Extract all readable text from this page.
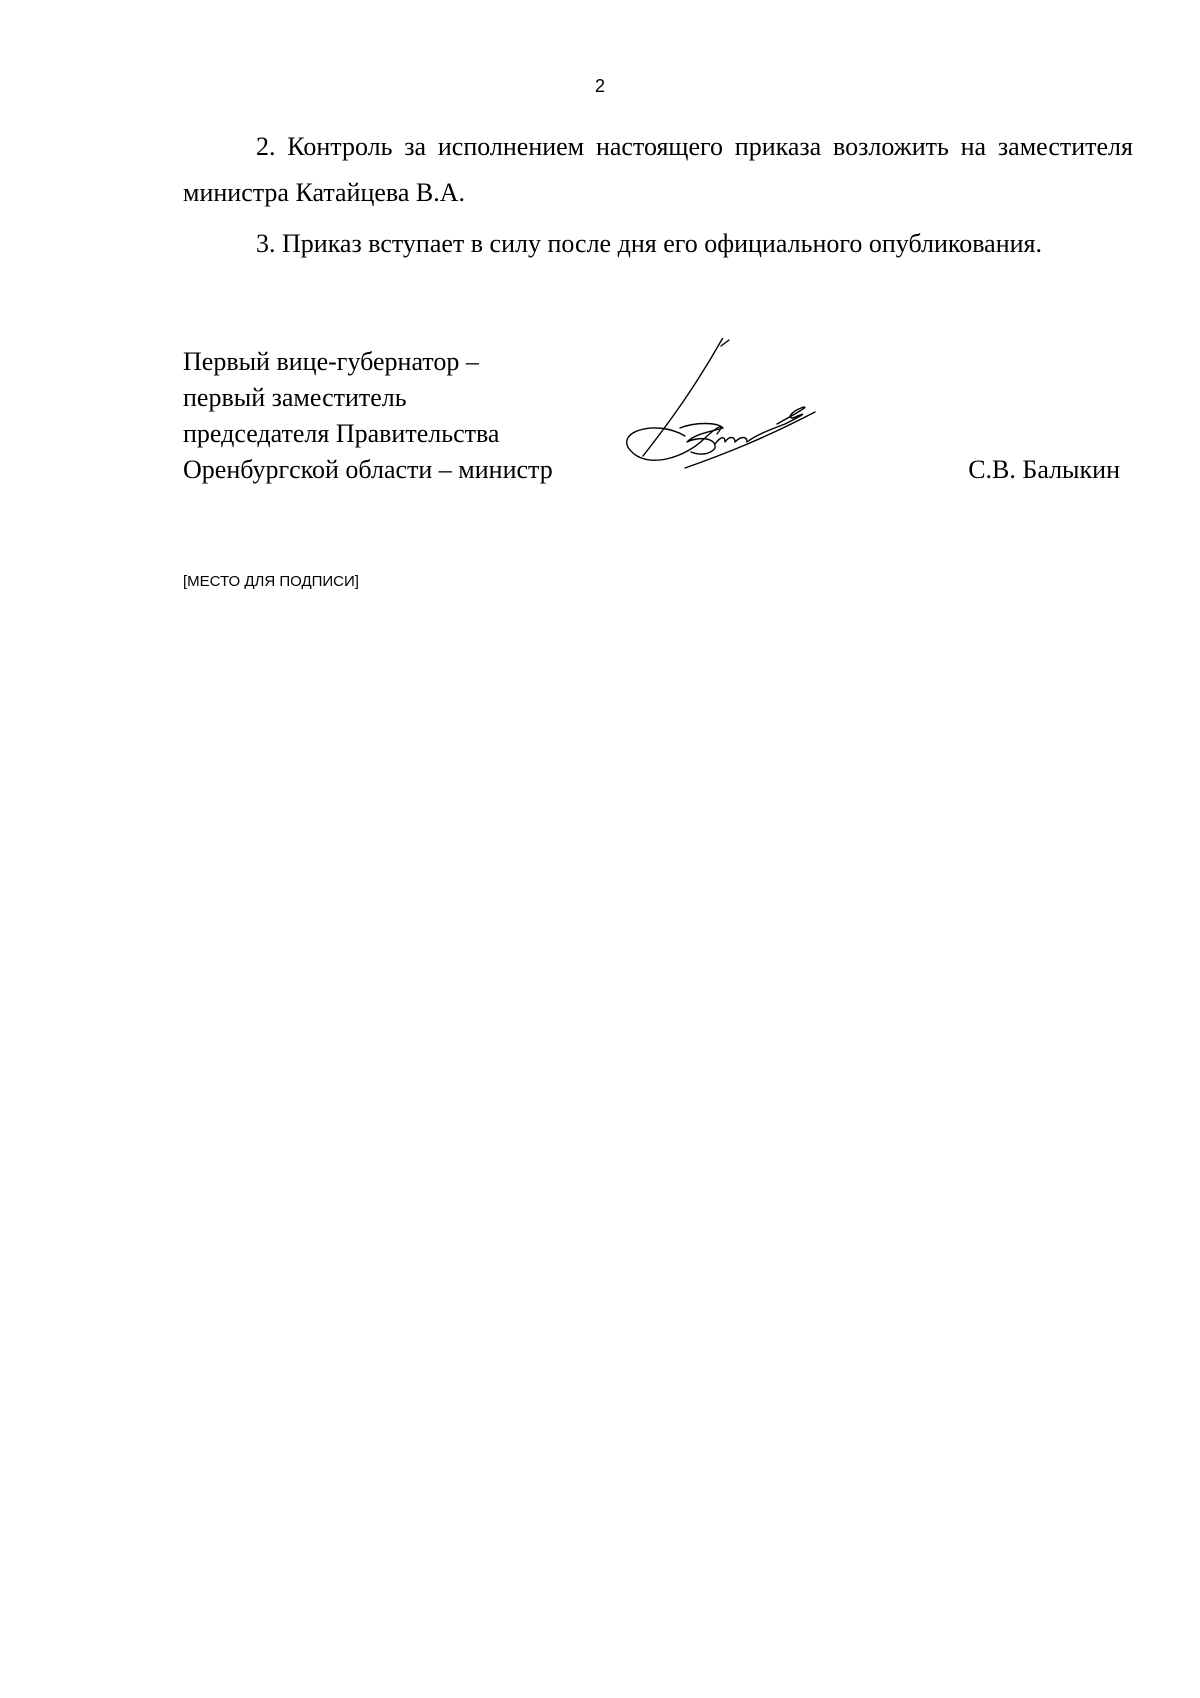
2

2. Контроль за исполнением настоящего приказа возложить на заместителя министра Катайцева В.А.

3. Приказ вступает в силу после дня его официального опубликования.

Первый вице-губернатор –
первый заместитель
председателя Правительства
Оренбургской области – министр	С.В. Балыкин
[МЕСТО ДЛЯ ПОДПИСИ]
